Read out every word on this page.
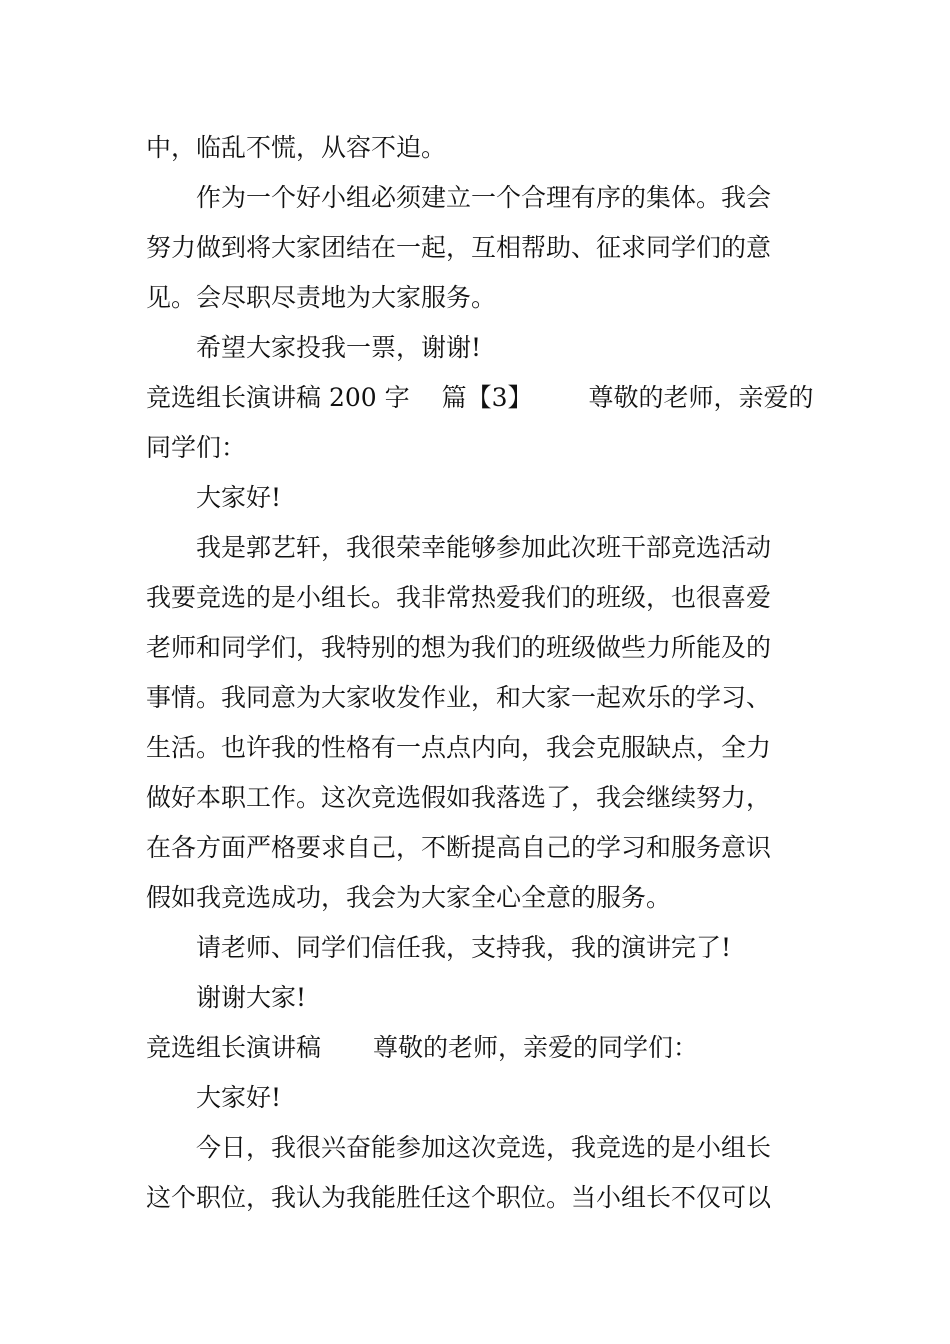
中，临乱不慌，从容不迫。
作为一个好小组必须建立一个合理有序的集体。我会
努力做到将大家团结在一起，互相帮助、征求同学们的意
见。会尽职尽责地为大家服务。
希望大家投我一票，谢谢!
竞选组长演讲稿 200 字 篇【3】 尊敬的老师，亲爱的
同学们：
大家好!
我是郭艺轩，我很荣幸能够参加此次班干部竞选活动
我要竞选的是小组长。我非常热爱我们的班级，也很喜爱
老师和同学们，我特别的想为我们的班级做些力所能及的
事情。我同意为大家收发作业，和大家一起欢乐的学习、
生活。也许我的性格有一点点内向，我会克服缺点，全力
做好本职工作。这次竞选假如我落选了，我会继续努力，
在各方面严格要求自己，不断提高自己的学习和服务意识
假如我竞选成功，我会为大家全心全意的服务。
请老师、同学们信任我，支持我，我的演讲完了!
谢谢大家!
竞选组长演讲稿 尊敬的老师，亲爱的同学们：
大家好!
今日，我很兴奋能参加这次竞选，我竞选的是小组长
这个职位，我认为我能胜任这个职位。当小组长不仅可以
